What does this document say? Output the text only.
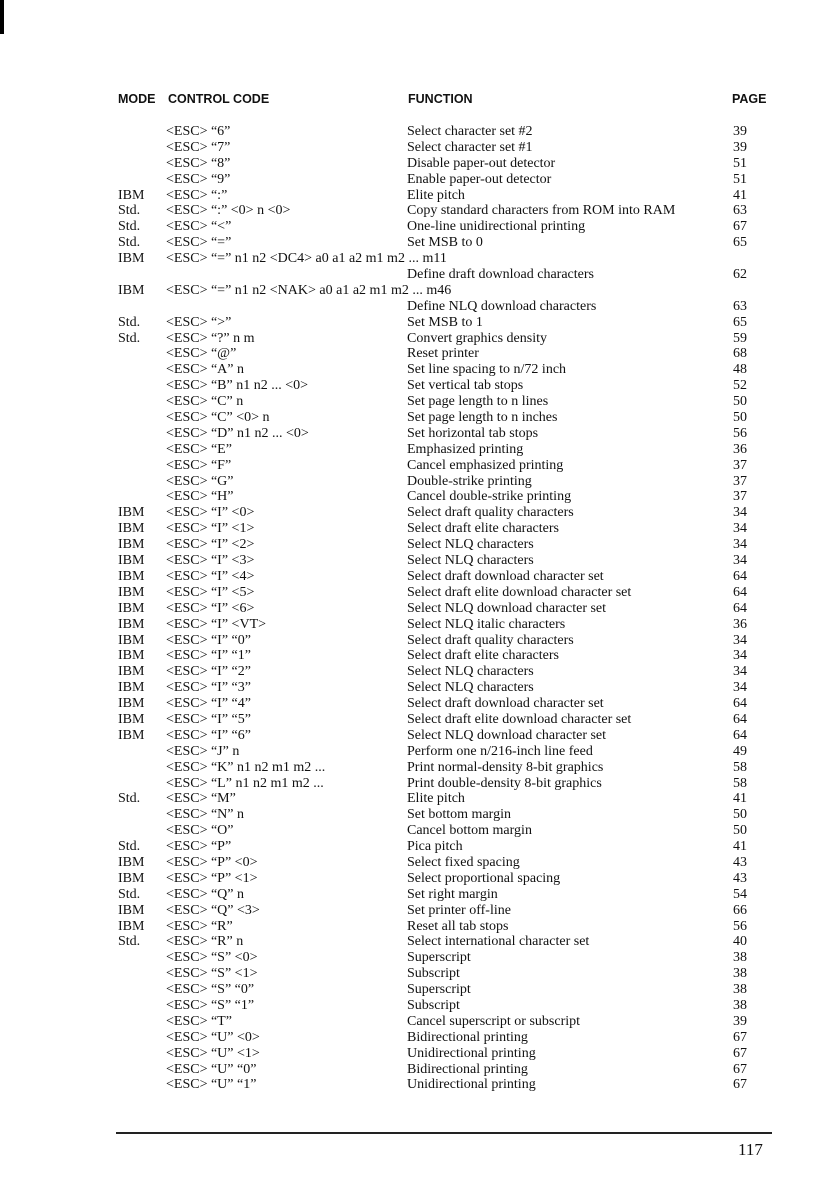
MODE CONTROL CODE	FUNCTION	PAGE
<ESC> “6”	Select character set #2	39
<ESC> “7”	Select character set #1	39
<ESC> “8”	Disable paper-out detector	51
<ESC> “9”	Enable paper-out detector	51
IBM <ESC> “:”	Elite pitch	41
Std. <ESC> “:” <0> n <0>	Copy standard characters from ROM into RAM	63
Std. <ESC> “<”	One-line unidirectional printing	67
Std. <ESC> “=”	Set MSB to 0	65
IBM <ESC> “=” n1 n2 <DC4> a0 a1 a2 m1 m2 ... m11
Define draft download characters	62
IBM <ESC> “=” n1 n2 <NAK> a0 a1 a2 m1 m2 ... m46
Define NLQ download characters	63
Std. <ESC> “>”	Set MSB to 1	65
Std. <ESC> “?” n m	Convert graphics density	59
<ESC> “@”	Reset printer	68
<ESC> “A” n	Set line spacing to n/72 inch	48
<ESC> “B” n1 n2 ... <0>	Set vertical tab stops	52
<ESC> “C” n	Set page length to n lines	50
<ESC> “C” <0> n	Set page length to n inches	50
<ESC> “D” n1 n2 ... <0>	Set horizontal tab stops	56
<ESC> “E”	Emphasized printing	36
<ESC> “F”	Cancel emphasized printing	37
<ESC> “G”	Double-strike printing	37
<ESC> “H”	Cancel double-strike printing	37
IBM <ESC> “I” <0>	Select draft quality characters	34
IBM <ESC> “I” <1>	Select draft elite characters	34
IBM <ESC> “I” <2>	Select NLQ characters	34
IBM <ESC> “I” <3>	Select NLQ characters	34
IBM <ESC> “I” <4>	Select draft download character set	64
IBM <ESC> “I” <5>	Select draft elite download character set	64
IBM <ESC> “I” <6>	Select NLQ download character set	64
IBM <ESC> “I” <VT>	Select NLQ italic characters	36
IBM <ESC> “I” “0”	Select draft quality characters	34
IBM <ESC> “I” “1”	Select draft elite characters	34
IBM <ESC> “I” “2”	Select NLQ characters	34
IBM <ESC> “I” “3”	Select NLQ characters	34
IBM <ESC> “I” “4”	Select draft download character set	64
IBM <ESC> “I” “5”	Select draft elite download character set	64
IBM <ESC> “I” “6”	Select NLQ download character set	64
<ESC> “J” n	Perform one n/216-inch line feed	49
<ESC> “K” n1 n2 m1 m2 ...	Print normal-density 8-bit graphics	58
<ESC> “L” n1 n2 m1 m2 ...	Print double-density 8-bit graphics	58
Std. <ESC> “M”	Elite pitch	41
<ESC> “N” n	Set bottom margin	50
<ESC> “O”	Cancel bottom margin	50
Std. <ESC> “P”	Pica pitch	41
IBM <ESC> “P” <0>	Select fixed spacing	43
IBM <ESC> “P” <1>	Select proportional spacing	43
Std. <ESC> “Q” n	Set right margin	54
IBM <ESC> “Q” <3>	Set printer off-line	66
IBM <ESC> “R”	Reset all tab stops	56
Std. <ESC> “R” n	Select international character set	40
<ESC> “S” <0>	Superscript	38
<ESC> “S” <1>	Subscript	38
<ESC> “S” “0”	Superscript	38
<ESC> “S” “1”	Subscript	38
<ESC> “T”	Cancel superscript or subscript	39
<ESC> “U” <0>	Bidirectional printing	67
<ESC> “U” <1>	Unidirectional printing	67
<ESC> “U” “0”	Bidirectional printing	67
<ESC> “U” “1”	Unidirectional printing	67
117
